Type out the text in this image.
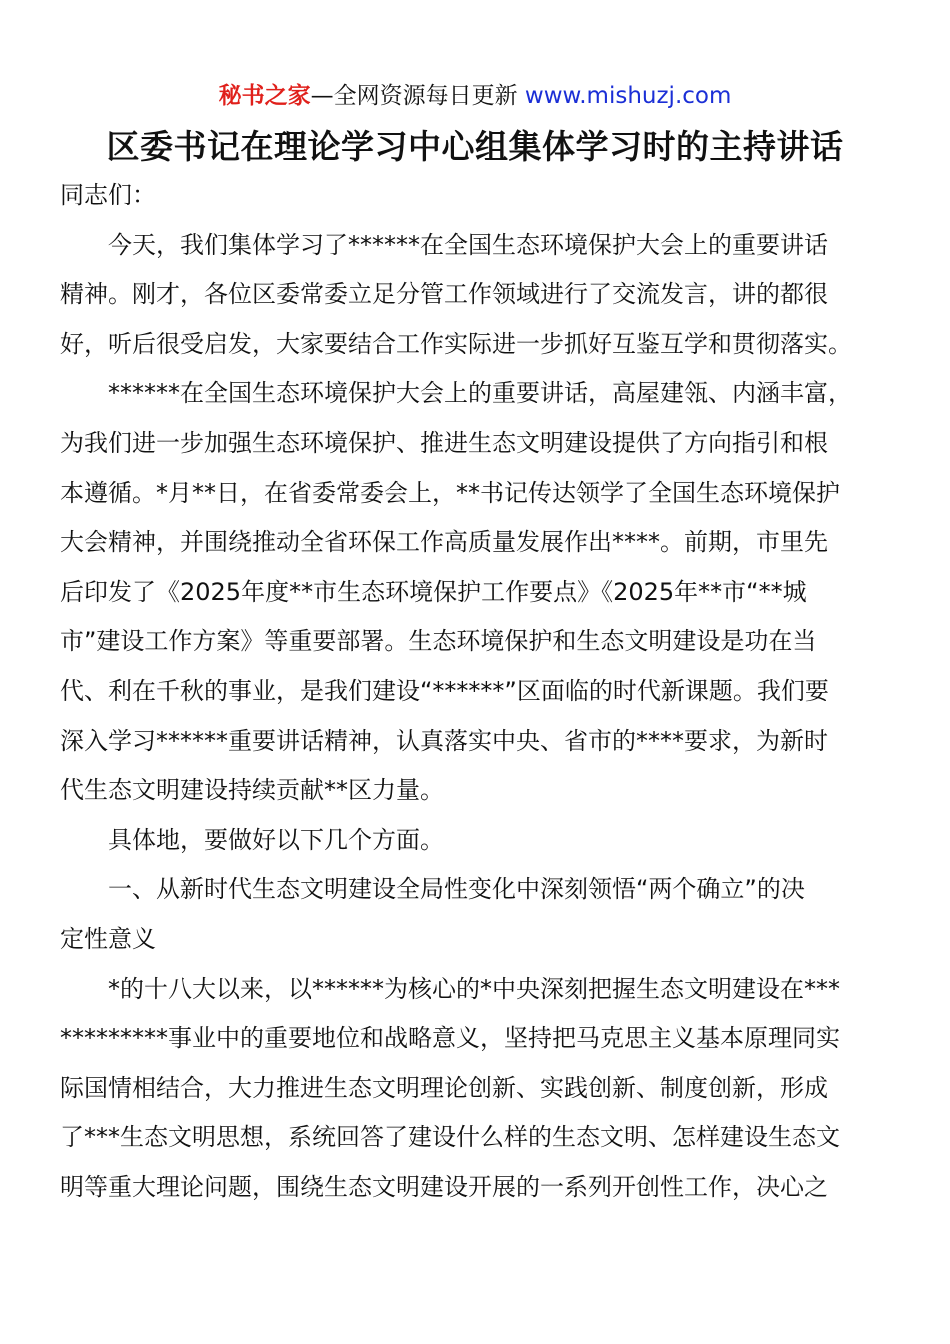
秘书之家—全网资源每日更新 www.mishuzj.com
区委书记在理论学习中心组集体学习时的主持讲话
同志们：
　　今天，我们集体学习了******在全国生态环境保护大会上的重要讲话
精神。刚才，各位区委常委立足分管工作领域进行了交流发言，讲的都很
好，听后很受启发，大家要结合工作实际进一步抓好互鉴互学和贯彻落实。
　　******在全国生态环境保护大会上的重要讲话，高屋建瓴、内涵丰富，
为我们进一步加强生态环境保护、推进生态文明建设提供了方向指引和根
本遵循。*月**日，在省委常委会上，**书记传达领学了全国生态环境保护
大会精神，并围绕推动全省环保工作高质量发展作出****。前期，市里先
后印发了《2025年度**市生态环境保护工作要点》《2025年**市“**城
市”建设工作方案》等重要部署。生态环境保护和生态文明建设是功在当
代、利在千秋的事业，是我们建设“******”区面临的时代新课题。我们要
深入学习******重要讲话精神，认真落实中央、省市的****要求，为新时
代生态文明建设持续贡献**区力量。
　　具体地，要做好以下几个方面。
　　一、从新时代生态文明建设全局性变化中深刻领悟“两个确立”的决
定性意义
　　*的十八大以来，以******为核心的*中央深刻把握生态文明建设在***
*********事业中的重要地位和战略意义，坚持把马克思主义基本原理同实
际国情相结合，大力推进生态文明理论创新、实践创新、制度创新，形成
了***生态文明思想，系统回答了建设什么样的生态文明、怎样建设生态文
明等重大理论问题，围绕生态文明建设开展的一系列开创性工作，决心之
